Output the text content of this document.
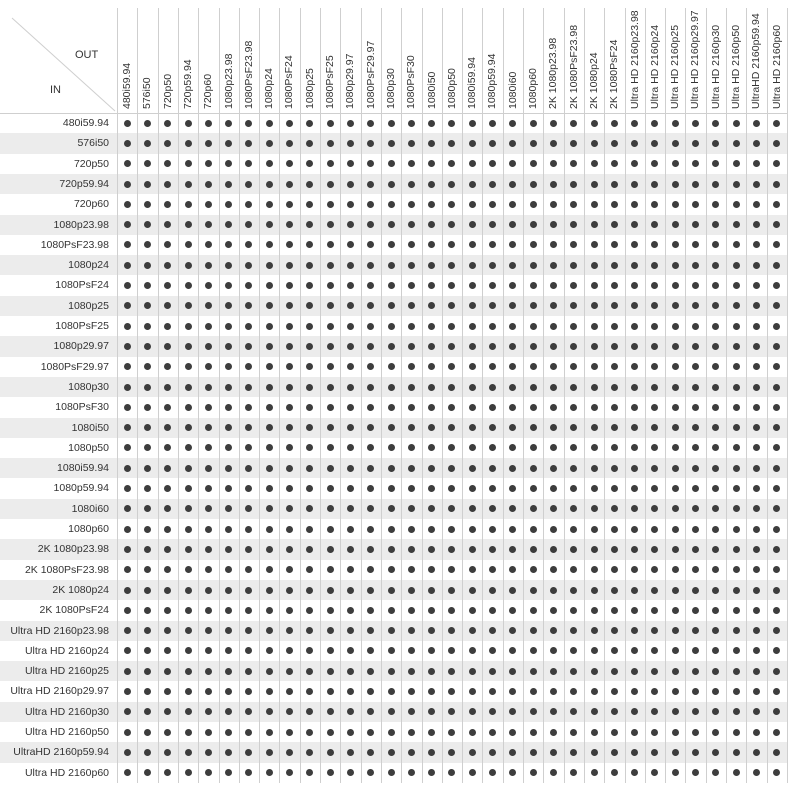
OUT
IN	480i59.94 576i50 720p50 720p59.94 720p60 1080p23.98 1080PsF23.98 1080p24 1080PsF24 1080p25 1080PsF25 1080p29.97 1080PsF29.97 1080p30 1080PsF30 1080i50 1080p50 1080i59.94 1080p59.94 1080i60 1080p60 2K 1080p23.98 2K 1080PsF23.98 2K 1080p24 2K 1080PsF24 Ultra HD 2160p23.98 Ultra HD 2160p24 Ultra HD 2160p25 Ultra HD 2160p29.97 Ultra HD 2160p30 Ultra HD 2160p50 UltraHD 2160p59.94 Ultra HD 2160p60
480i59.94
576i50
720p50
720p59.94
720p60
1080p23.98
1080PsF23.98
1080p24
1080PsF24
1080p25
1080PsF25
1080p29.97
1080PsF29.97
1080p30
1080PsF30
1080i50
1080p50
1080i59.94
1080p59.94
1080i60
1080p60
2K 1080p23.98
2K 1080PsF23.98
2K 1080p24
2K 1080PsF24
Ultra HD 2160p23.98
Ultra HD 2160p24
Ultra HD 2160p25
Ultra HD 2160p29.97
Ultra HD 2160p30
Ultra HD 2160p50
UltraHD 2160p59.94
Ultra HD 2160p60
